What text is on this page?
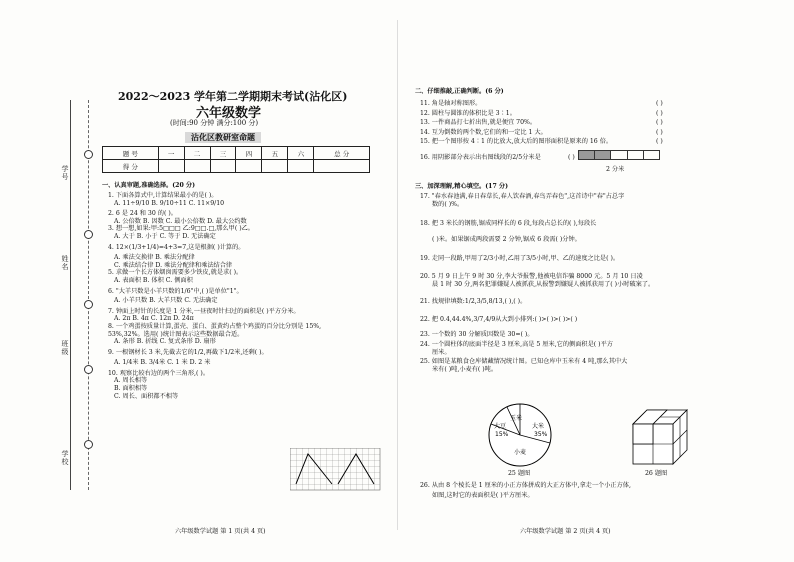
学号
姓名
班级
学校
2022～2023 学年第二学期期末考试(沾化区)
六年级数学
(时间:90 分钟 满分:100 分)
沾化区教研室命题
题 号	一	二	三	四	五	六	总 分
得 分							
一、认真审题,准确选择。(20 分)
1. 下面各算式中,计算结果最小的是( )。
A. 11÷9/10 B. 9/10÷11 C. 11×9/10
2. 6 是 24 和 30 的( )。
A. 公倍数 B. 因数 C. 最小公倍数 D. 最大公约数
3. 想一想,如果:甲:5□□□ 乙:9□□.□,那么甲( )乙。
A. 大于 B. 小于 C. 等于 D. 无法确定
4. 12×(1/3+1/4)=4+3=7,这是根据( )计算的。
A. 乘法交换律 B. 乘法分配律
C. 乘法结合律 D. 乘法分配律和乘法结合律
5. 求做一个长方体烟囱需要多少铁皮,就是求( )。
A. 表面积 B. 体积 C. 侧面积
6. "大羊只数是小羊只数的1/6"中,( )是单位"1"。
A. 小羊只数 B. 大羊只数 C. 无法确定
7. 钟面上时针的长度是 1 分米,一昼夜时针扫过的面积是( )平方分米。
A. 2π B. 4π C. 12π D. 24π
8. 一个鸡蛋按质量计算,蛋壳、蛋白、蛋黄约占整个鸡蛋的百分比分别是 15%,
53%,32%。选用( )统计图表示这些数据最合适。
A. 条形 B. 折线 C. 复式条形 D. 扇形
9. 一根钢材长 3 米,先截去它的1/2,再截下1/2米,还剩( )。
A. 1/4米 B. 3/4米 C. 1 米 D. 2 米
10. 观察比较右边的两个三角形,( )。
A. 周长相等
B. 面积相等
C. 周长、面积都不相等
六年级数学试题 第 1 页(共 4 页)
二、仔细推敲,正确判断。(6 分)
11. 角是轴对称图形。	( )
12. 圆柱与圆锥的体积比是 3∶1。	( )
13. 一件商品打七折出售,就是便宜 70%。	( )
14. 互为倒数的两个数,它们的和一定比 1 大。	( )
15. 把一个图形按 4∶1 的比放大,放大后的图形面积是原来的 16 倍。	( )
16. 用阴影部分表示出右图线段的2/5分米是	( )
2 分米
三、加深理解,精心填空。(17 分)
17. "春水春池满,春日春草长,春人饮春酒,春鸟弄春色",这首诗中"春"占总字
数的( )%。
18. 把 3 米长的钢筋,锯成同样长的 6 段,每段占总长的( ),每段长
( )米。如果锯成两段需要 2 分钟,锯成 6 段需( )分钟。
19. 走同一段路,甲用了2/3小时,乙用了3/5小时,甲、乙的速度之比是( )。
20. 5 月 9 日上午 9 时 30 分,李大爷报警,他被电信诈骗 8000 元。5 月 10 日凌
晨 1 时 30 分,两名犯罪嫌疑人被抓获,从报警到嫌疑人被抓获用了( )小时破案了。
21. 找规律填数:1/2,3/5,8/13,( ),( )。
22. 把 0.4,44.4%,3/7,4/9从大到小排列:( )>( )>( )>( )
23. 一个数的 30 分解质因数是 30=( )。
24. 一个圆柱体的底面半径是 3 厘米,高是 5 厘米,它的侧面积是( )平方
厘米。
25. 如图是某粮食仓库储藏情况统计图。已知仓库中玉米有 4 吨,那么其中大
米有( )吨,小麦有( )吨。
玉米
大米
35%
大豆
15%
小麦
25 题图	26 题图
26. 从由 8 个棱长是 1 厘米的小正方体拼成的大正方体中,拿走一个小正方体,
如图,这时它的表面积是( )平方厘米。
六年级数学试题 第 2 页(共 4 页)
